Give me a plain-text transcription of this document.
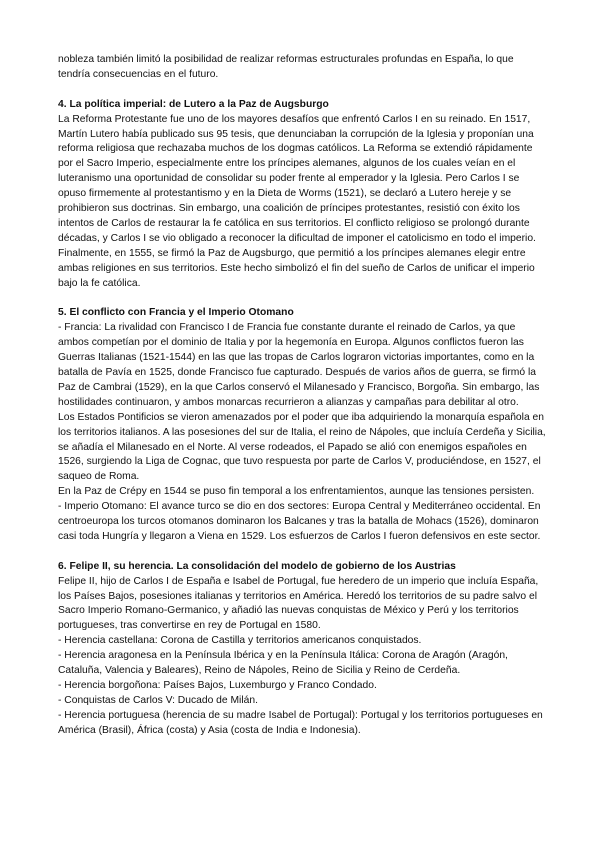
nobleza también limitó la posibilidad de realizar reformas estructurales profundas en España, lo que tendría consecuencias en el futuro.

4. La política imperial: de Lutero a la Paz de Augsburgo

La Reforma Protestante fue uno de los mayores desafíos que enfrentó Carlos I en su reinado. En 1517, Martín Lutero había publicado sus 95 tesis, que denunciaban la corrupción de la Iglesia y proponían una reforma religiosa que rechazaba muchos de los dogmas católicos. La Reforma se extendió rápidamente por el Sacro Imperio, especialmente entre los príncipes alemanes, algunos de los cuales veían en el luteranismo una oportunidad de consolidar su poder frente al emperador y la Iglesia. Pero Carlos I se opuso firmemente al protestantismo y en la Dieta de Worms (1521), se declaró a Lutero hereje y se prohibieron sus doctrinas. Sin embargo, una coalición de príncipes protestantes, resistió con éxito los intentos de Carlos de restaurar la fe católica en sus territorios. El conflicto religioso se prolongó durante décadas, y Carlos I se vio obligado a reconocer la dificultad de imponer el catolicismo en todo el imperio. Finalmente, en 1555, se firmó la Paz de Augsburgo, que permitió a los príncipes alemanes elegir entre ambas religiones en sus territorios. Este hecho simbolizó el fin del sueño de Carlos de unificar el imperio bajo la fe católica.

5. El conflicto con Francia y el Imperio Otomano

- Francia: La rivalidad con Francisco I de Francia fue constante durante el reinado de Carlos, ya que ambos competían por el dominio de Italia y por la hegemonía en Europa. Algunos conflictos fueron las Guerras Italianas (1521-1544) en las que las tropas de Carlos lograron victorias importantes, como en la batalla de Pavía en 1525, donde Francisco fue capturado. Después de varios años de guerra, se firmó la Paz de Cambrai (1529), en la que Carlos conservó el Milanesado y Francisco, Borgoña. Sin embargo, las hostilidades continuaron, y ambos monarcas recurrieron a alianzas y campañas para debilitar al otro.

Los Estados Pontificios se vieron amenazados por el poder que iba adquiriendo la monarquía española en los territorios italianos. A las posesiones del sur de Italia, el reino de Nápoles, que incluía Cerdeña y Sicilia, se añadía el Milanesado en el Norte. Al verse rodeados, el Papado se alió con enemigos españoles en 1526, surgiendo la Liga de Cognac, que tuvo respuesta por parte de Carlos V, produciéndose, en 1527, el saqueo de Roma.

En la Paz de Crépy en 1544 se puso fin temporal a los enfrentamientos, aunque las tensiones persisten.

- Imperio Otomano: El avance turco se dio en dos sectores: Europa Central y Mediterráneo occidental. En centroeuropa los turcos otomanos dominaron los Balcanes y tras la batalla de Mohacs (1526), dominaron casi toda Hungría y llegaron a Viena en 1529. Los esfuerzos de Carlos I fueron defensivos en este sector.

6. Felipe II, su herencia. La consolidación del modelo de gobierno de los Austrias

Felipe II, hijo de Carlos I de España e Isabel de Portugal, fue heredero de un imperio que incluía España, los Países Bajos, posesiones italianas y territorios en América. Heredó los territorios de su padre salvo el Sacro Imperio Romano-Germanico, y añadió las nuevas conquistas de México y Perú y los territorios portugueses, tras convertirse en rey de Portugal en 1580.

- Herencia castellana: Corona de Castilla y territorios americanos conquistados.

- Herencia aragonesa en la Península Ibérica y en la Península Itálica: Corona de Aragón (Aragón, Cataluña, Valencia y Baleares), Reino de Nápoles, Reino de Sicilia y Reino de Cerdeña.

- Herencia borgoñona: Países Bajos, Luxemburgo y Franco Condado.

- Conquistas de Carlos V: Ducado de Milán.

- Herencia portuguesa (herencia de su madre Isabel de Portugal): Portugal y los territorios portugueses en América (Brasil), África (costa) y Asia (costa de India e Indonesia).
